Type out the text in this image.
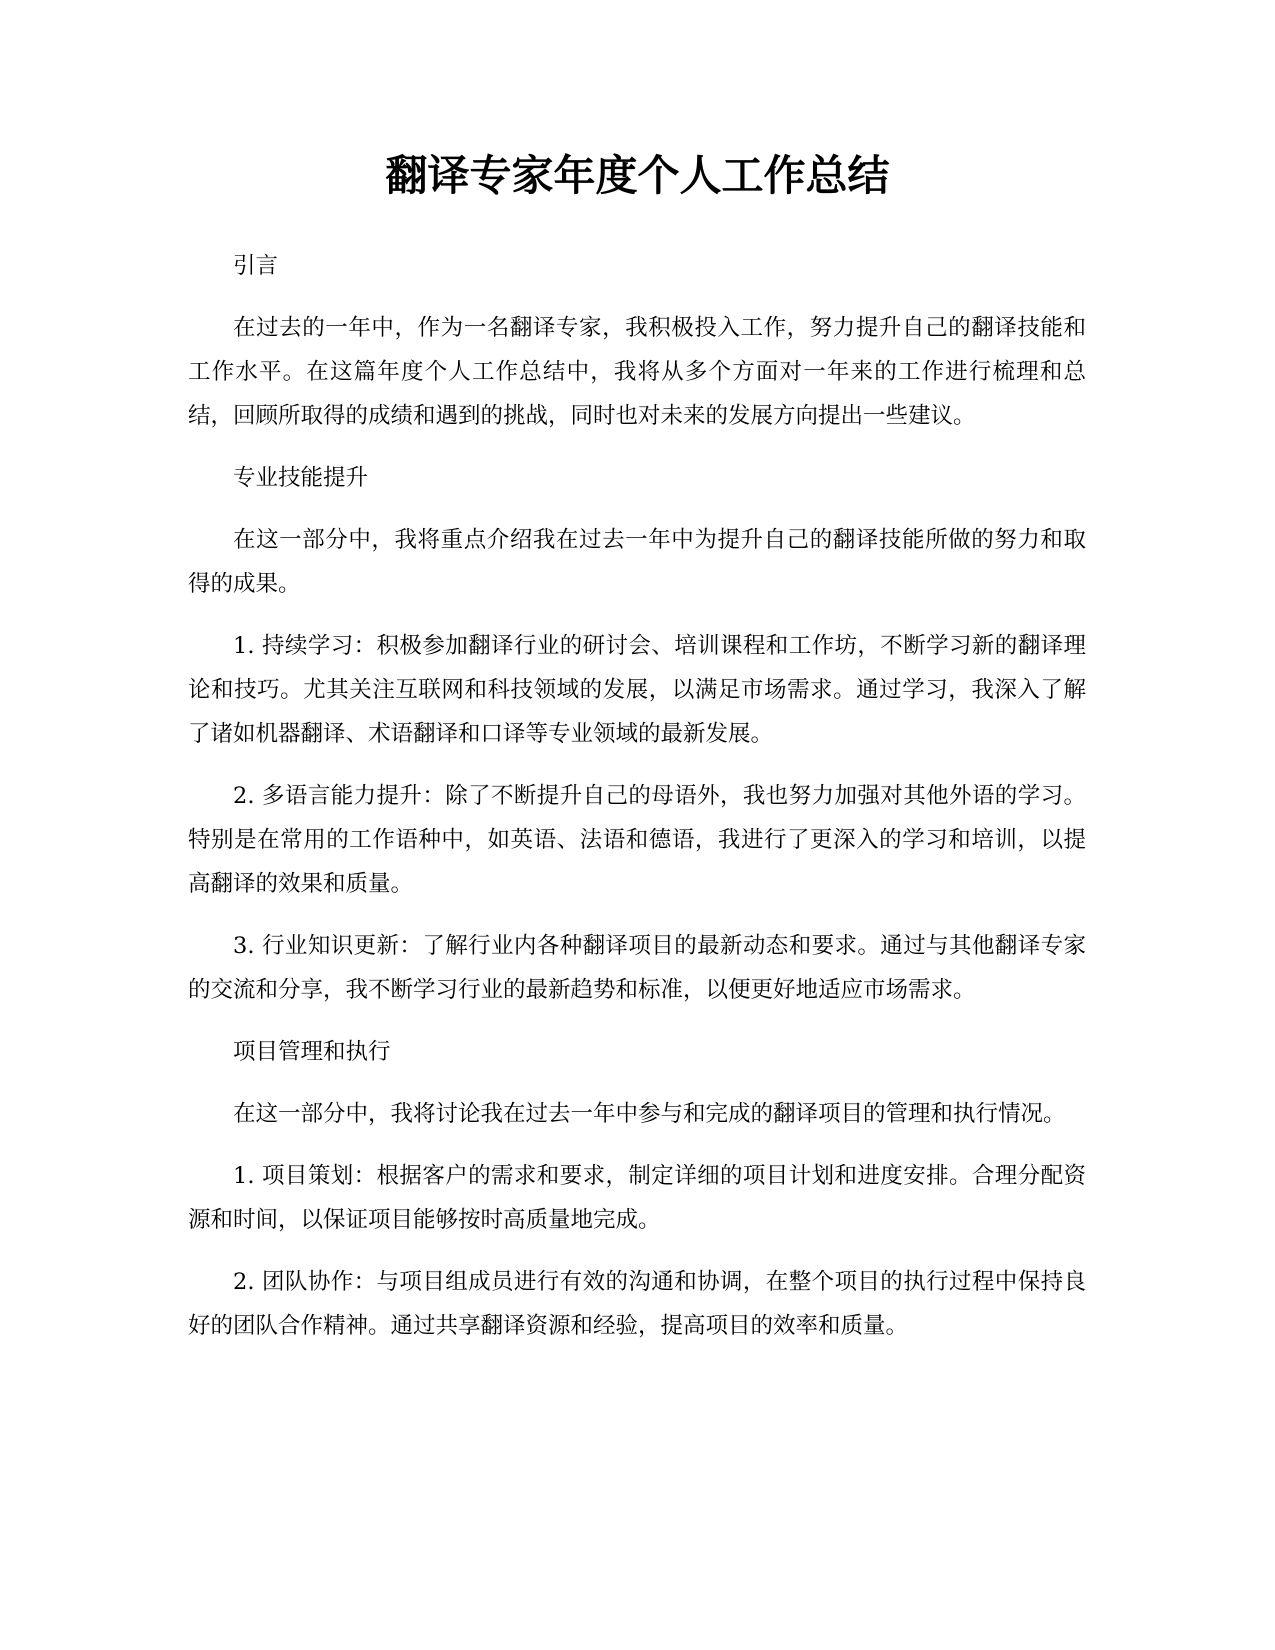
翻译专家年度个人工作总结

引言

在过去的一年中，作为一名翻译专家，我积极投入工作，努力提升自己的翻译技能和工作水平。在这篇年度个人工作总结中，我将从多个方面对一年来的工作进行梳理和总结，回顾所取得的成绩和遇到的挑战，同时也对未来的发展方向提出一些建议。

专业技能提升

在这一部分中，我将重点介绍我在过去一年中为提升自己的翻译技能所做的努力和取得的成果。

1. 持续学习：积极参加翻译行业的研讨会、培训课程和工作坊，不断学习新的翻译理论和技巧。尤其关注互联网和科技领域的发展，以满足市场需求。通过学习，我深入了解了诸如机器翻译、术语翻译和口译等专业领域的最新发展。

2. 多语言能力提升：除了不断提升自己的母语外，我也努力加强对其他外语的学习。特别是在常用的工作语种中，如英语、法语和德语，我进行了更深入的学习和培训，以提高翻译的效果和质量。

3. 行业知识更新：了解行业内各种翻译项目的最新动态和要求。通过与其他翻译专家的交流和分享，我不断学习行业的最新趋势和标准，以便更好地适应市场需求。

项目管理和执行

在这一部分中，我将讨论我在过去一年中参与和完成的翻译项目的管理和执行情况。

1. 项目策划：根据客户的需求和要求，制定详细的项目计划和进度安排。合理分配资源和时间，以保证项目能够按时高质量地完成。

2. 团队协作：与项目组成员进行有效的沟通和协调，在整个项目的执行过程中保持良好的团队合作精神。通过共享翻译资源和经验，提高项目的效率和质量。
